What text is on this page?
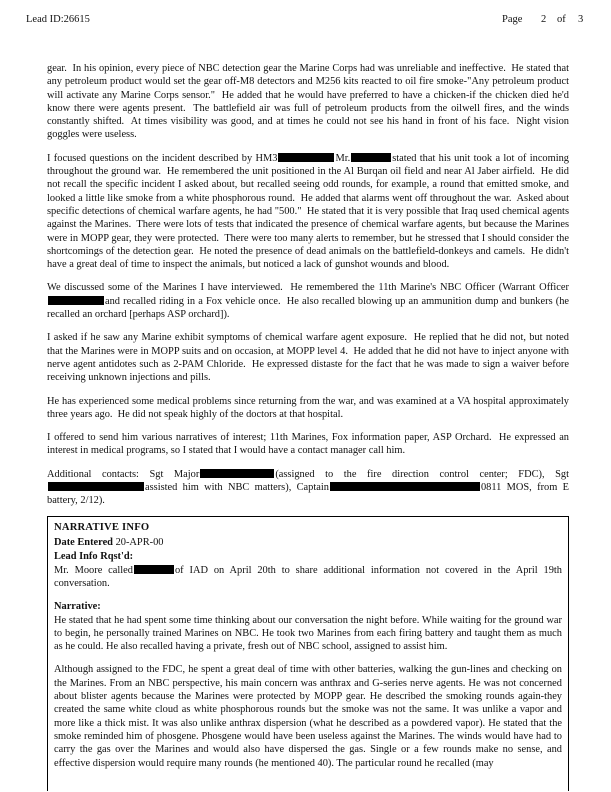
Lead ID:26615	Page 2 of 3

gear.  In his opinion, every piece of NBC detection gear the Marine Corps had was unreliable and ineffective.  He stated that any petroleum product would set the gear off-M8 detectors and M256 kits reacted to oil fire smoke-"Any petroleum product will activate any Marine Corps sensor."  He added that he would have preferred to have a chicken-if the chicken died he'd know there were agents present.  The battlefield air was full of petroleum products from the oilwell fires, and the winds constantly shifted.  At times visibility was good, and at times he could not see his hand in front of his face.  Night vision goggles were useless.

I focused questions on the incident described by HM3	Mr.	stated that his unit took a lot of incoming throughout the ground war.  He remembered the unit positioned in the Al Burqan oil field and near Al Jaber airfield.  He did not recall the specific incident I asked about, but recalled seeing odd rounds, for example, a round that emitted smoke, and looked a little like smoke from a white phosphorous round.  He added that alarms went off throughout the war.  Asked about specific detections of chemical warfare agents, he had "500."  He stated that it is very possible that Iraq used chemical agents against the Marines.  There were lots of tests that indicated the presence of chemical warfare agents, but because the Marines were in MOPP gear, they were protected.  There were too many alerts to remember, but he stressed that I should consider the shortcomings of the detection gear.  He noted the presence of dead animals on the battlefield-donkeys and camels.  He didn't have a great deal of time to inspect the animals, but noticed a lack of gunshot wounds and blood.

We discussed some of the Marines I have interviewed.  He remembered the 11th Marine's NBC Officer (Warrant Officerand recalled riding in a Fox vehicle once.  He also recalled blowing up an ammunition dump and bunkers (he recalled an orchard [perhaps ASP orchard]).

I asked if he saw any Marine exhibit symptoms of chemical warfare agent exposure.  He replied that he did not, but noted that the Marines were in MOPP suits and on occasion, at MOPP level 4.  He added that he did not have to inject anyone with nerve agent antidotes such as 2-PAM Chloride.  He expressed distaste for the fact that he was made to sign a waiver before receiving unknown injections and pills.

He has experienced some medical problems since returning from the war, and was examined at a VA hospital approximately three years ago.  He did not speak highly of the doctors at that hospital.

I offered to send him various narratives of interest; 11th Marines, Fox information paper, ASP Orchard.  He expressed an interest in medical programs, so I stated that I would have a contact manager call him.

Additional contacts: Sgt Major	(assigned to the fire direction control center; FDC), Sgtassisted him with NBC matters), Captain	0811 MOS, from E battery, 2/12).

NARRATIVE INFO
Date Entered 20-APR-00
Lead Info Rqst'd:
Mr. Moore called	of IAD on April 20th to share additional information not covered in the April 19th conversation.
Narrative:
He stated that he had spent some time thinking about our conversation the night before. While waiting for the ground war to begin, he personally trained Marines on NBC. He took two Marines from each firing battery and taught them as much as he could. He also recalled having a private, fresh out of NBC school, assigned to assist him.
Although assigned to the FDC, he spent a great deal of time with other batteries, walking the gun-lines and checking on the Marines. From an NBC perspective, his main concern was anthrax and G-series nerve agents. He was not concerned about blister agents because the Marines were protected by MOPP gear. He described the smoking rounds again-they created the same white cloud as white phosphorous rounds but the smoke was not the same. It was unlike a vapor and more like a thick mist. It was also unlike anthrax dispersion (what he described as a powdered vapor). He stated that the smoke reminded him of phosgene. Phosgene would have been useless against the Marines. The winds would have had to carry the gas over the Marines and would also have dispersed the gas. Single or a few rounds make no sense, and effective dispersion would require many rounds (he mentioned 40). The particular round he recalled (may
